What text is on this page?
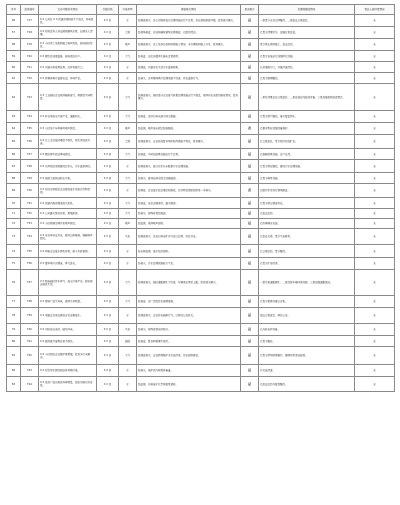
序号	投诉编号	交办问题基本情况	行政区域	污染类型	调查核实情况	是否属实	处理和整改情况	责任人被问责情况
56	T17	X X 公司在 X X 街道违规排放生产废水，异味扰民。	X X 区	水	经调查核实，该公司现有废水处理设施运行不正常，存在超标排放问题，投诉部分属实。	是	一是责令企业立即整改，二是依法立案查处。	无
57	T18	X X 村附近有人非法倾倒建筑垃圾，长期无人清理。	X X 区	土壤	经现场核查，该地块确有建筑垃圾堆放，已组织清运。	是	已责令清理完毕，加强日常巡查。	无
58	T19	X X 小区旁工地夜间施工噪声扰民，影响居民休息。	X X 区	噪声	经调查核实，该工地存在夜间违规施工情况，未办理夜间施工许可，投诉属实。	是	责令停止夜间施工，依法处罚。	无
59	T20	X X 餐饮店油烟直排，影响周边住户。	X X 区	大气	经核查，该店油烟净化器未正常使用。	是	已责令安装运行油烟净化设施。	无
60	T21	X X 河道水体发黑发臭，沿岸有排污口。	X X 区	水	经调查，河道存在生活污水直排现象。	是	已封堵排污口，开展河道清淤。	无
61	T22	X X 养殖场粪污直排农田，异味严重。	X X 区	水	经核实，该养殖场粪污处理设施不完善，存在直排行为。	是	已责令限期整改。	无
62	T23	X X 工业园区企业夜间偷排废气，刺激性气味明显。	X X 区	大气	经调查核实，园区部分企业废气收集处理设施运行不稳定，夜间存在无组织排放情况，投诉属实。	是	一是对涉事企业立案查处；二是安装在线监控设备；三是加强夜间巡查频次。	无
63	T24	X X 砂石场扬尘污染严重，道路积尘。	X X 区	大气	经核查，该砂石场未落实抑尘措施。	是	已责令停产整改，落实覆盖洒水。	无
64	T25	X X 小区地下车库排风噪声扰民。	X X 区	噪声	经监测，噪声值未超过标准限值。	否	已要求物业加强设备维护。	无
65	T26	X X 化工企业废渣堆放不规范，雨天渗滤液外流。	X X 区	土壤	经调查核实，企业危废暂存场所防渗措施不到位，投诉属实。	是	已立案查处，责令规范危废贮存。	无
66	T27	X X 镇垃圾中转站臭味扰民。	X X 区	大气	经核查，中转站除臭设施运行不正常。	是	已维修除臭设施，日产日清。	无
67	T28	X X 水库周边违规建设农家乐，污水直排库区。	X X 区	水	经调查核实，部分农家乐未配套污水处理设施。	是	已责令停业整改，建设污水处理设施。	无
68	T29	X X 混凝土搅拌站粉尘污染。	X X 区	大气	经核实，搅拌站料仓除尘设施破损。	是	已责令修复设施。	无
69	T30	X X 村民反映附近企业排放废水导致农作物受损。	X X 区	水	经调查，企业废水经处理达标排放，农作物受损原因待进一步核实。	否	已组织专家进行现场勘查。	无
70	T31	X X 街道汽修店喷漆废气扰民。	X X 区	大气	经核查，该店无喷漆房，露天喷漆。	是	已责令停止喷漆作业。	无
71	T32	X X 公司露天焚烧垃圾，黑烟滚滚。	X X 区	大气	经核实，现场有焚烧痕迹。	是	已依法处罚。	无
72	T33	X X 小区商铺空调外机噪声扰民。	X X 区	噪声	经监测，夜间噪声超标。	是	已协调移位安装。	无
73	T34	X X 采石场非法开采，破坏山体植被，爆破噪声扰民。	X X 区	生态	经调查核实，该采石场采矿许可证已过期，仍在开采。	是	已依法关停，责令生态修复。	无
74	T35	X X 印染企业废水颜色异常，排入市政管网。	X X 区	水	经采样监测，废水色度超标。	是	已立案处罚，责令整改。	无
75	T36	X X 屠宰场污水横流，臭气熏天。	X X 区	水	经核实，污水处理设施能力不足。	是	已责令扩容改造。	无
76	T37	X X 物流园区货车尾气、扬尘污染严重，影响周边居民生活。	X X 区	大气	经调查核实，园区道路硬化不完善，车辆进出带泥上路，投诉部分属实。	是	一是完善道路硬化；二是设置车辆冲洗设施；三是加强道路保洁。	无
77	T38	X X 塑料厂废气异味，夜间尤其明显。	X X 区	大气	经核查，该厂活性炭未按期更换。	是	已责令更换并建立台账。	无
78	T39	X X 电镀企业违法排放含重金属废水。	X X 区	水	经调查核实，企业存在偷排行为，已移送公安机关。	是	依法立案查处，移送公安。	无
79	T40	X X 河段非法采砂，破坏河床。	X X 区	生态	经核实，现场发现采砂船只。	是	已没收采砂设备。	无
80	T41	X X 医院医疗废物处置不规范。	X X 区	固废	经核查，暂存间管理不规范。	是	已责令整改。	无
81	T42	X X 小区周边企业锅炉冒黑烟，投诉多次未解决。	X X 区	大气	经调查核实，企业燃煤锅炉未完成改造，存在超标排放。	是	已责令停用燃煤锅炉，限期改用清洁能源。	无
82	T43	X X 村饮用水源地周边有养殖污染。	X X 区	水	经核实，保护区内有散养畜禽。	是	已完成清退。	无
83	T44	X X 食品厂废水排放异味明显，周边沟渠水质变差。	X X 区	水	经监测，外排废水化学需氧量超标。	是	已依法处罚并督促整改。	无
